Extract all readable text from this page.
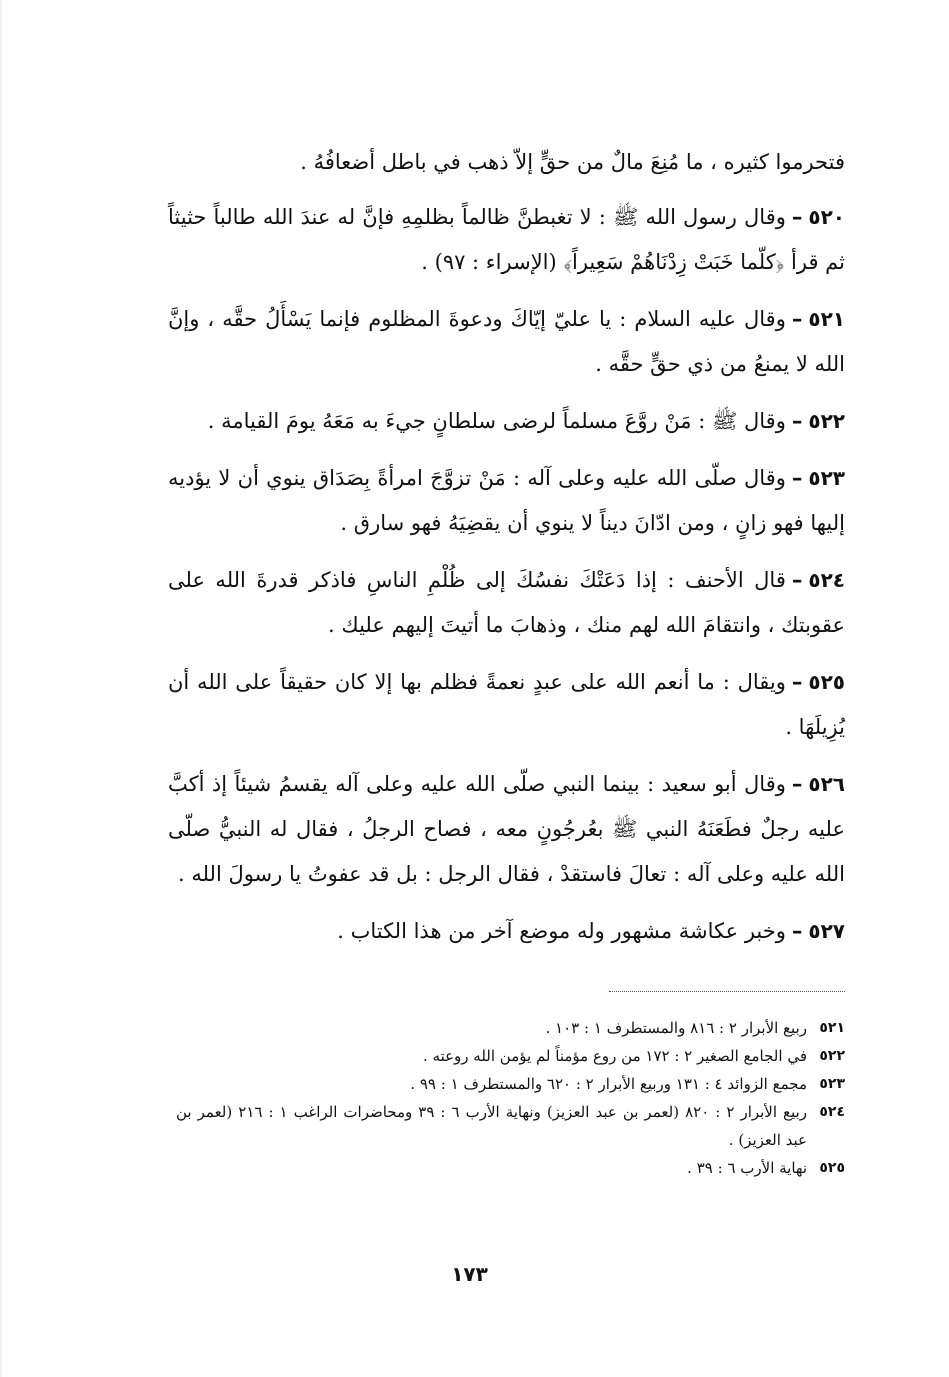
فتحرموا كثيره ، ما مُنِعَ مالٌ من حقٍّ إلاّ ذهب في باطل أضعافُهُ .

٥٢٠–وقال رسول الله ﷺ : لا تغبطنَّ ظالماً بظلمِهِ فإنَّ له عندَ الله طالباً حثيثاً ثم قرأ ﴿كلّما خَبَتْ زِدْنَاهُمْ سَعِيراً﴾ (الإسراء : ٩٧) .

٥٢١–وقال عليه السلام : يا عليّ إيّاكَ ودعوةَ المظلوم فإنما يَسْأَلُ حقَّه ، وإنَّ الله لا يمنعُ من ذي حقٍّ حقَّه .

٥٢٢–وقال ﷺ : مَنْ روَّعَ مسلماً لرضى سلطانٍ جيءَ به مَعَهُ يومَ القيامة .

٥٢٣–وقال صلّى الله عليه وعلى آله : مَنْ تزوَّجَ امرأةً بِصَدَاق ينوي أن لا يؤديه إليها فهو زانٍ ، ومن ادّانَ ديناً لا ينوي أن يقضِيَهُ فهو سارق .

٥٢٤–قال الأحنف : إذا دَعَتْكَ نفسُكَ إلى ظُلْمِ الناسِ فاذكر قدرةَ الله على عقوبتك ، وانتقامَ الله لهم منك ، وذهابَ ما أتيتَ إليهم عليك .

٥٢٥–ويقال : ما أنعم الله على عبدٍ نعمةً فظلم بها إلا كان حقيقاً على الله أن يُزِيلَهَا .

٥٢٦–وقال أبو سعيد : بينما النبي صلّى الله عليه وعلى آله يقسمُ شيئاً إذ أكبَّ عليه رجلٌ فطَعَنَهُ النبي ﷺ بعُرجُونٍ معه ، فصاح الرجلُ ، فقال له النبيُّ صلّى الله عليه وعلى آله : تعالَ فاستقدْ ، فقال الرجل : بل قد عفوتُ يا رسولَ الله .

٥٢٧–وخبر عكاشة مشهور وله موضع آخر من هذا الكتاب .

٥٢١
ربيع الأبرار ٢ : ٨١٦ والمستطرف ١ : ١٠٣ .
٥٢٢
في الجامع الصغير ٢ : ١٧٢ من روع مؤمناً لم يؤمن الله روعته .
٥٢٣
مجمع الزوائد ٤ : ١٣١ وربيع الأبرار ٢ : ٦٢٠ والمستطرف ١ : ٩٩ .
٥٢٤
ربيع الأبرار ٢ : ٨٢٠ (لعمر بن عبد العزيز) ونهاية الأرب ٦ : ٣٩ ومحاضرات الراغب ١ : ٢١٦ (لعمر بن عبد العزيز) .
٥٢٥
نهاية الأرب ٦ : ٣٩ .
١٧٣
